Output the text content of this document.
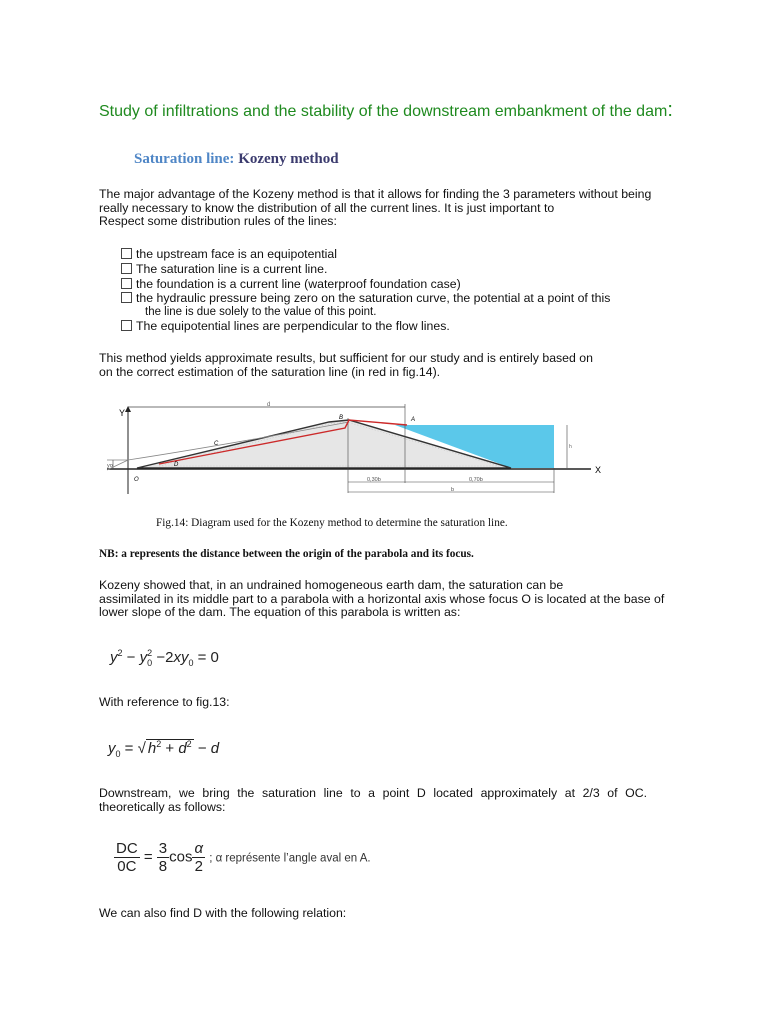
Study of infiltrations and the stability of the downstream embankment of the dam:
Saturation line: Kozeny method
The major advantage of the Kozeny method is that it allows for finding the 3 parameters without being
really necessary to know the distribution of all the current lines. It is just important to
Respect some distribution rules of the lines:
the upstream face is an equipotential
The saturation line is a current line.
the foundation is a current line (waterproof foundation case)
the hydraulic pressure being zero on the saturation curve, the potential at a point of this
the line is due solely to the value of this point.
The equipotential lines are perpendicular to the flow lines.
This method yields approximate results, but sufficient for our study and is entirely based on
on the correct estimation of the saturation line (in red in fig.14).
X
Y
d
h
0,30b	0,70b
b
yo
O
D
C
B	A
Fig.14: Diagram used for the Kozeny method to determine the saturation line.
NB: a represents the distance between the origin of the parabola and its focus.
Kozeny showed that, in an undrained homogeneous earth dam, the saturation can be
assimilated in its middle part to a parabola with a horizontal axis whose focus O is located at the base of
lower slope of the dam. The equation of this parabola is written as:
$y^2 - y_0^2 -2xy_0 = 0$
With reference to fig.13:
$y_0$ = √ $h^2 + d^2 - d$
Downstream, we bring the saturation line to a point D located approximately at 2/3 of OC.
theoretically as follows:
$\frac{DC}{0C} = \frac{3}{8}$ $\cos \frac{\alpha}{2}$ ; α représente l’angle aval en A.
We can also find D with the following relation:
